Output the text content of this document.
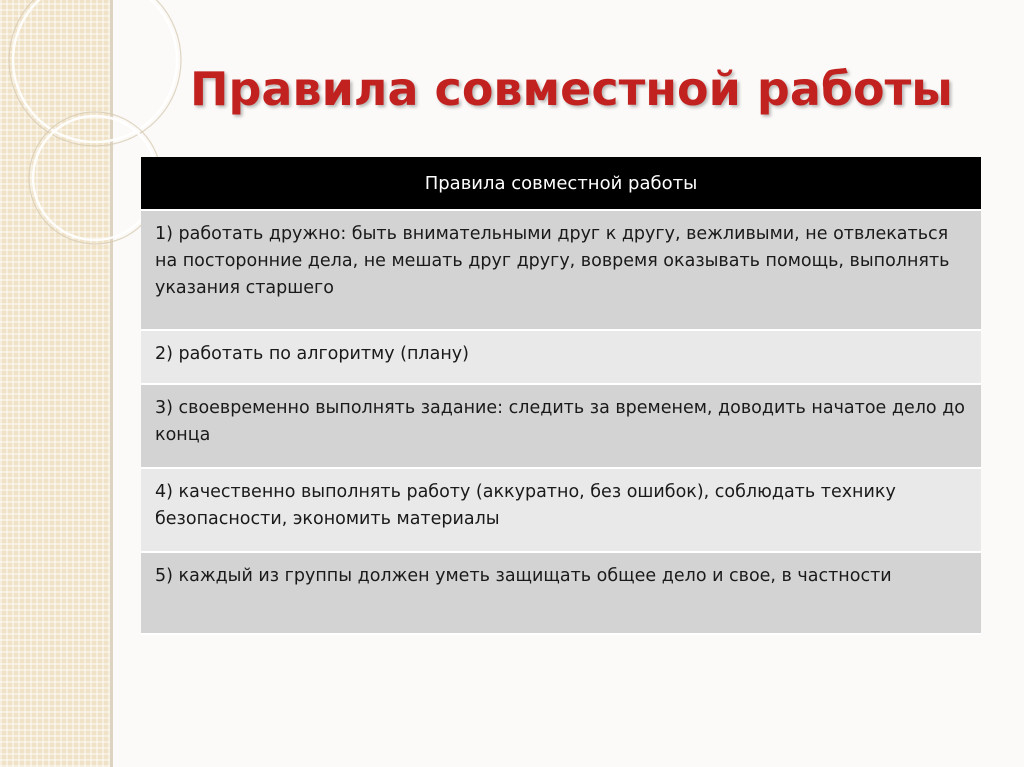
Правила совместной работы
Правила совместной работы
1) работать дружно: быть внимательными друг к другу, вежливыми, не отвлекаться на посторонние дела, не мешать друг другу, вовремя оказывать помощь, выполнять указания старшего
2) работать по алгоритму (плану)
3) своевременно выполнять задание: следить за временем, доводить начатое дело до конца
4) качественно выполнять работу (аккуратно, без ошибок), соблюдать технику безопасности, экономить материалы
5) каждый из группы должен уметь защищать общее дело и свое, в частности
